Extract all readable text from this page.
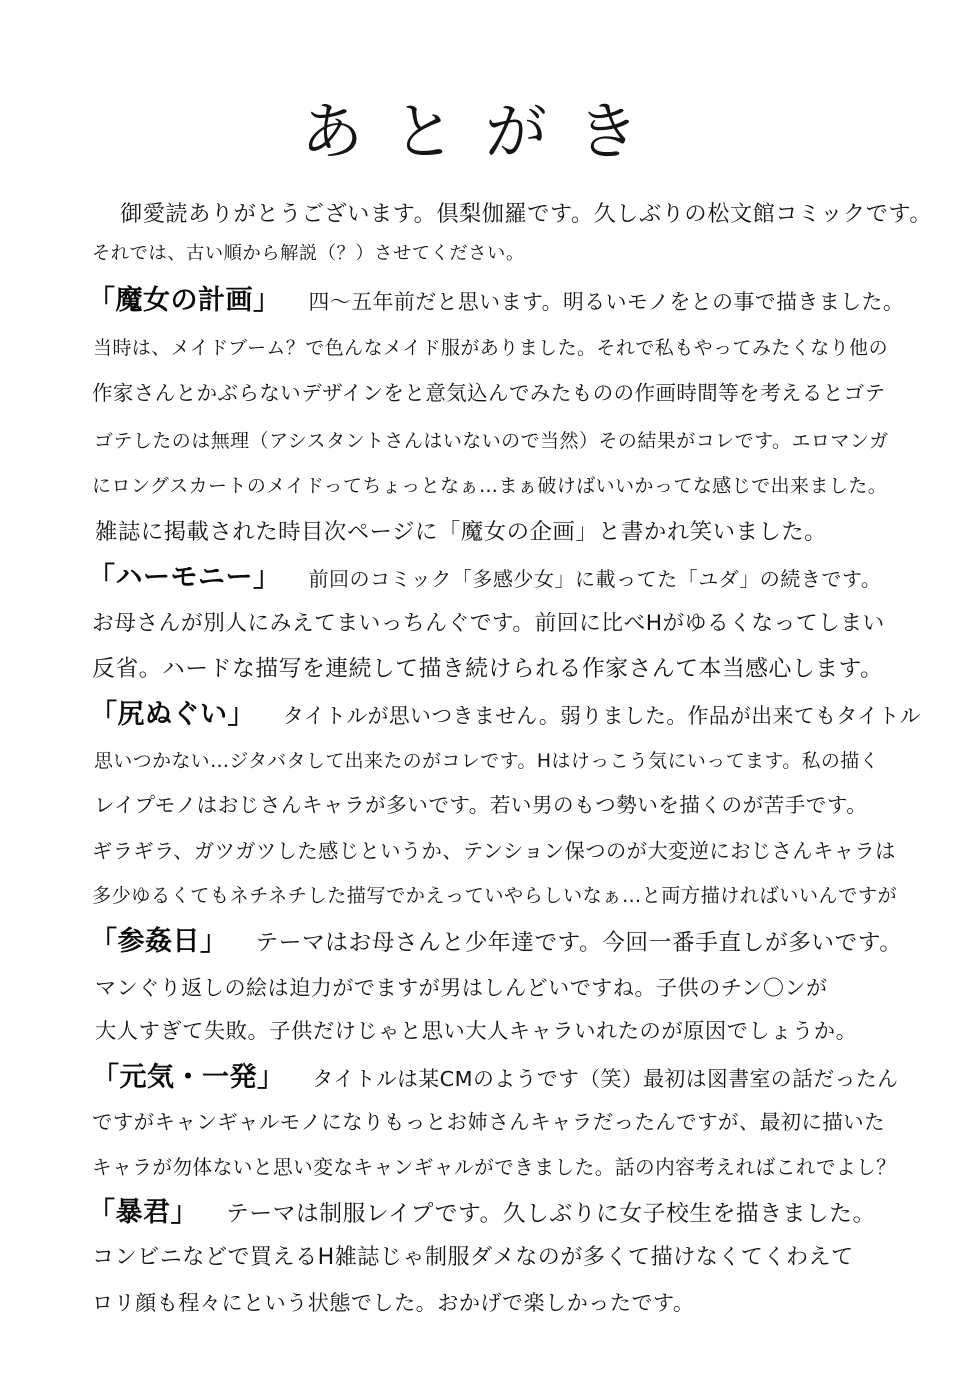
あとがき
御愛読ありがとうございます。倶梨伽羅です。久しぶりの松文館コミックです。
それでは、古い順から解説（？）させてください。
「魔女の計画」 四～五年前だと思います。明るいモノをとの事で描きました。
当時は、メイドブーム？で色んなメイド服がありました。それで私もやってみたくなり他の
作家さんとかぶらないデザインをと意気込んでみたものの作画時間等を考えるとゴテ
ゴテしたのは無理（アシスタントさんはいないので当然）その結果がコレです。エロマンガ
にロングスカートのメイドってちょっとなぁ…まぁ破けばいいかってな感じで出来ました。
雑誌に掲載された時目次ページに「魔女の企画」と書かれ笑いました。
「ハーモニー」 前回のコミック「多感少女」に載ってた「ユダ」の続きです。
お母さんが別人にみえてまいっちんぐです。前回に比べHがゆるくなってしまい
反省。ハードな描写を連続して描き続けられる作家さんて本当感心します。
「尻ぬぐい」 タイトルが思いつきません。弱りました。作品が出来てもタイトル
思いつかない…ジタバタして出来たのがコレです。Hはけっこう気にいってます。私の描く
レイプモノはおじさんキャラが多いです。若い男のもつ勢いを描くのが苦手です。
ギラギラ、ガツガツした感じというか、テンション保つのが大変逆におじさんキャラは
多少ゆるくてもネチネチした描写でかえっていやらしいなぁ…と両方描ければいいんですが
「参姦日」 テーマはお母さんと少年達です。今回一番手直しが多いです。
マンぐり返しの絵は迫力がでますが男はしんどいですね。子供のチン〇ンが
大人すぎて失敗。子供だけじゃと思い大人キャラいれたのが原因でしょうか。
「元気・一発」 タイトルは某CMのようです（笑）最初は図書室の話だったん
ですがキャンギャルモノになりもっとお姉さんキャラだったんですが、最初に描いた
キャラが勿体ないと思い変なキャンギャルができました。話の内容考えればこれでよし？
「暴君」 テーマは制服レイプです。久しぶりに女子校生を描きました。
コンビニなどで買えるH雑誌じゃ制服ダメなのが多くて描けなくてくわえて
ロリ顔も程々にという状態でした。おかげで楽しかったです。
